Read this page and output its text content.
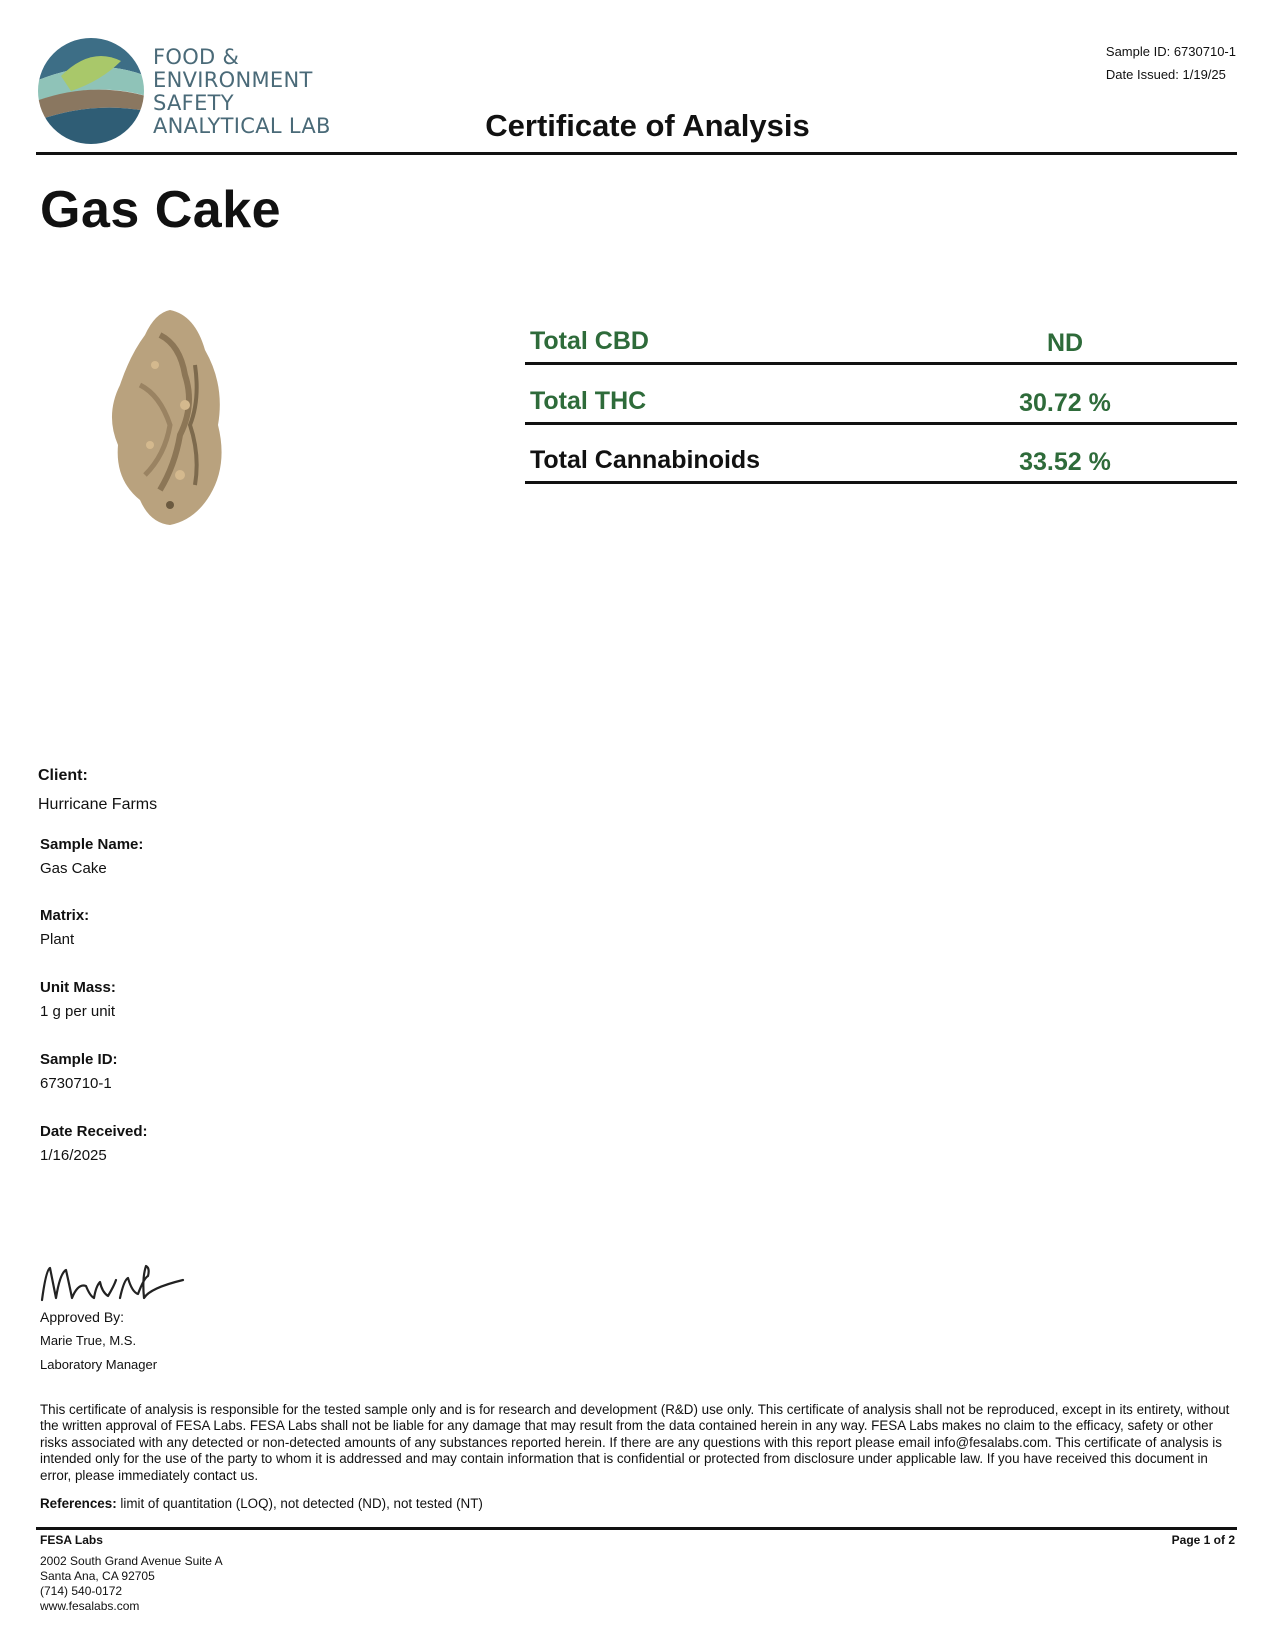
FOOD &
ENVIRONMENT
SAFETY
ANALYTICAL LAB
Sample ID: 6730710-1
Date Issued: 1/19/25
Certificate of Analysis
Gas Cake
Total CBD	ND
Total THC	30.72 %
Total Cannabinoids	33.52 %
Client:
Hurricane Farms
Sample Name:
Gas Cake
Matrix:
Plant
Unit Mass:
1 g per unit
Sample ID:
6730710-1
Date Received:
1/16/2025
Approved By:
Marie True, M.S.
Laboratory Manager
This certificate of analysis is responsible for the tested sample only and is for research and development (R&D) use only. This certificate of analysis shall not be reproduced, except in its entirety, without the written approval of FESA Labs. FESA Labs shall not be liable for any damage that may result from the data contained herein in any way. FESA Labs makes no claim to the efficacy, safety or other risks associated with any detected or non-detected amounts of any substances reported herein. If there are any questions with this report please email info@fesalabs.com. This certificate of analysis is intended only for the use of the party to whom it is addressed and may contain information that is confidential or protected from disclosure under applicable law. If you have received this document in error, please immediately contact us.
References: limit of quantitation (LOQ), not detected (ND), not tested (NT)
FESA Labs	Page 1 of 2
2002 South Grand Avenue Suite A
Santa Ana, CA 92705
(714) 540-0172
www.fesalabs.com
